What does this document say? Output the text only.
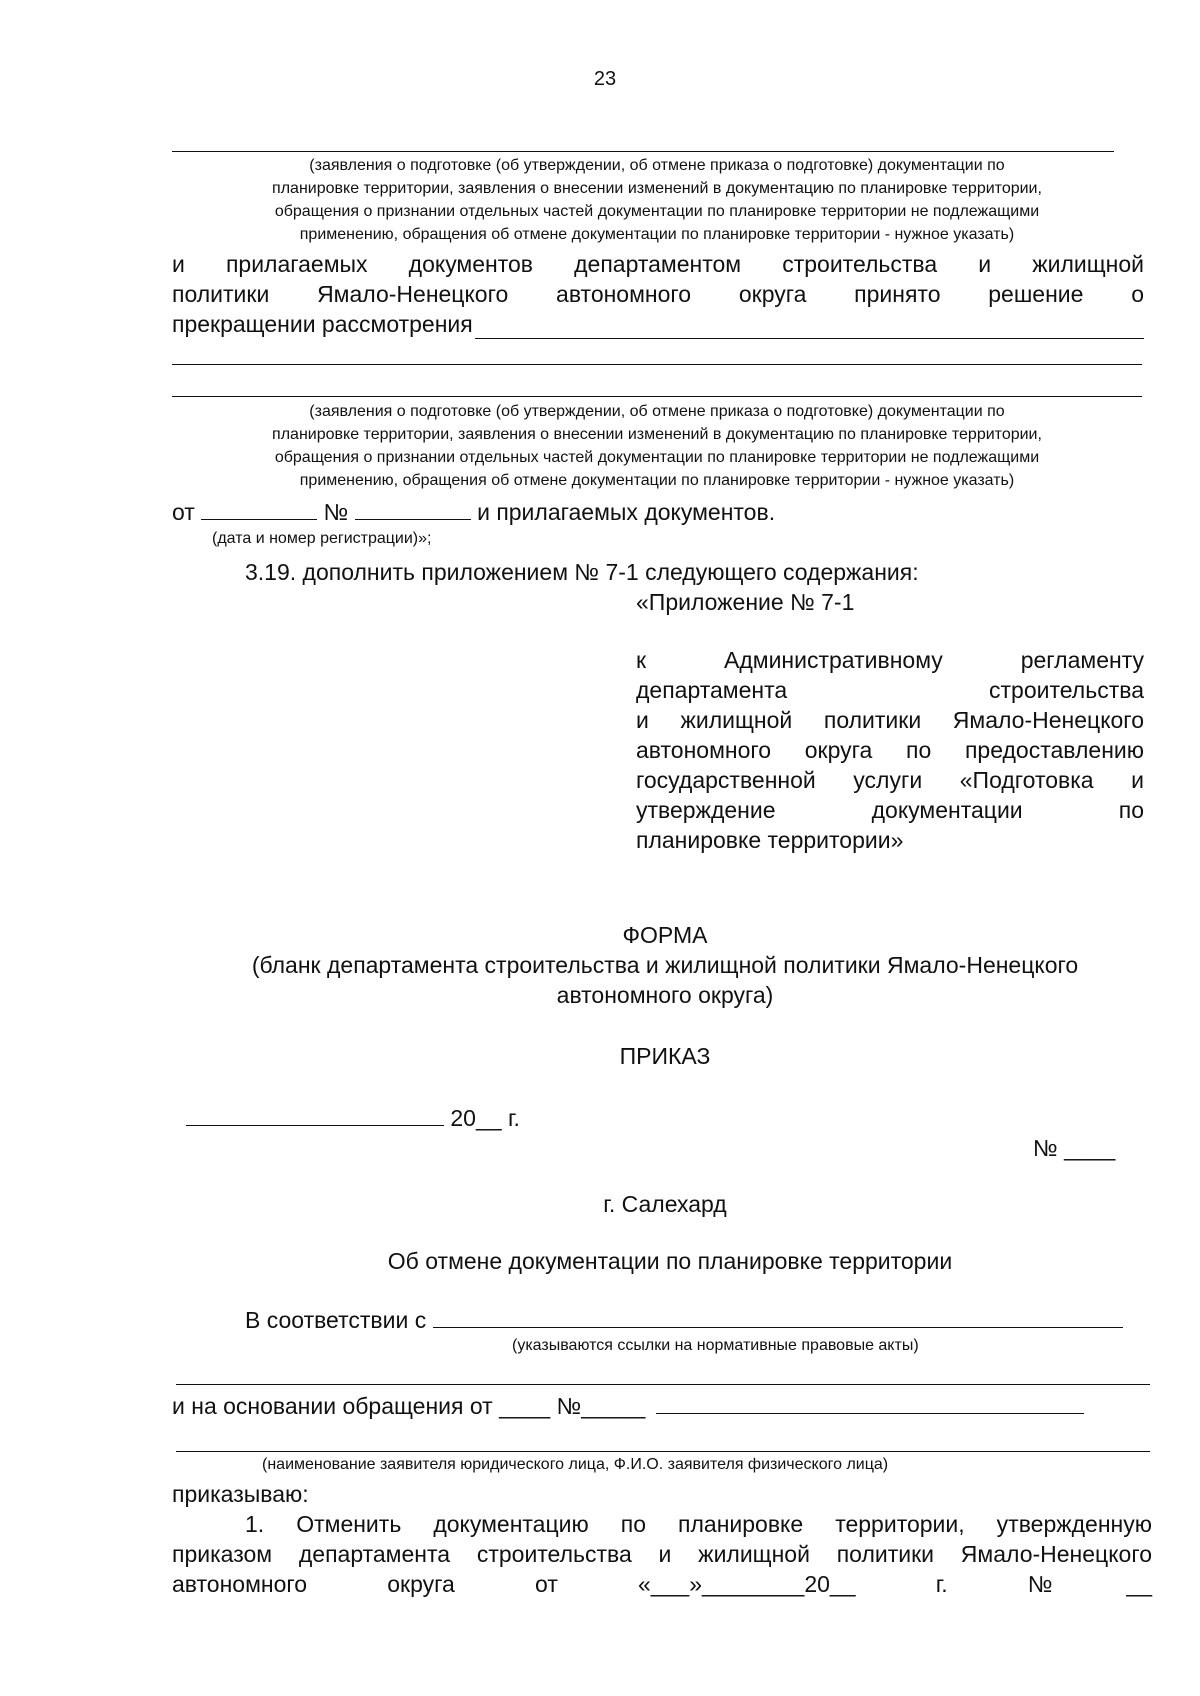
23
(заявления о подготовке (об утверждении, об отмене приказа о подготовке) документации по
планировке территории, заявления о внесении изменений в документацию по планировке территории,
обращения о признании отдельных частей документации по планировке территории не подлежащими
применению, обращения об отмене документации по планировке территории - нужное указать)
и прилагаемых документов департаментом строительства и жилищной
политики Ямало-Ненецкого автономного округа принято решение о
прекращении рассмотрения
(заявления о подготовке (об утверждении, об отмене приказа о подготовке) документации по
планировке территории, заявления о внесении изменений в документацию по планировке территории,
обращения о признании отдельных частей документации по планировке территории не подлежащими
применению, обращения об отмене документации по планировке территории - нужное указать)
от	№	и прилагаемых документов.
(дата и номер регистрации)»;
3.19. дополнить приложением № 7-1 следующего содержания:
«Приложение № 7-1
к Административному регламенту
департамента строительства
и жилищной политики Ямало-Ненецкого
автономного округа по предоставлению
государственной услуги «Подготовка и
утверждение документации по
планировке территории»
ФОРМА
(бланк департамента строительства и жилищной политики Ямало-Ненецкого
автономного округа)
ПРИКАЗ
20__ г.
№ ____
г. Салехард
Об отмене документации по планировке территории
В соответствии с
(указываются ссылки на нормативные правовые акты)
и на основании обращения от ____ №_____
(наименование заявителя юридического лица, Ф.И.О. заявителя физического лица)
приказываю:
1. Отменить документацию по планировке территории, утвержденную
приказом департамента строительства и жилищной политики Ямало-Ненецкого
автономного округа от «___»________20__ г. №__
